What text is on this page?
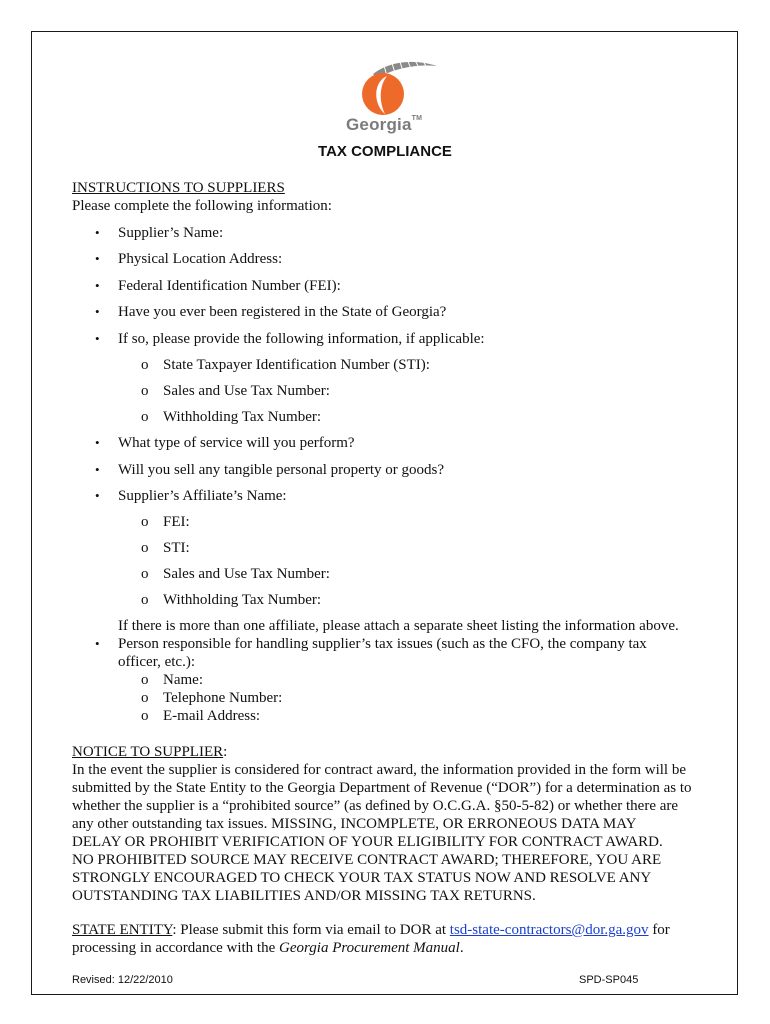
Georgia™
TAX COMPLIANCE
INSTRUCTIONS TO SUPPLIERS
Please complete the following information:
• Supplier’s Name:
• Physical Location Address:
• Federal Identification Number (FEI):
• Have you ever been registered in the State of Georgia?
• If so, please provide the following information, if applicable:
o State Taxpayer Identification Number (STI):
o Sales and Use Tax Number:
o Withholding Tax Number:
• What type of service will you perform?
• Will you sell any tangible personal property or goods?
• Supplier’s Affiliate’s Name:
o FEI:
o STI:
o Sales and Use Tax Number:
o Withholding Tax Number:
If there is more than one affiliate, please attach a separate sheet listing the information above.
• Person responsible for handling supplier’s tax issues (such as the CFO, the company tax
officer, etc.):
o Name:
o Telephone Number:
o E-mail Address:
NOTICE TO SUPPLIER:
In the event the supplier is considered for contract award, the information provided in the form will be
submitted by the State Entity to the Georgia Department of Revenue (“DOR”) for a determination as to
whether the supplier is a “prohibited source” (as defined by O.C.G.A. §50-5-82) or whether there are
any other outstanding tax issues. MISSING, INCOMPLETE, OR ERRONEOUS DATA MAY
DELAY OR PROHIBIT VERIFICATION OF YOUR ELIGIBILITY FOR CONTRACT AWARD.
NO PROHIBITED SOURCE MAY RECEIVE CONTRACT AWARD; THEREFORE, YOU ARE
STRONGLY ENCOURAGED TO CHECK YOUR TAX STATUS NOW AND RESOLVE ANY
OUTSTANDING TAX LIABILITIES AND/OR MISSING TAX RETURNS.
STATE ENTITY: Please submit this form via email to DOR at tsd-state-contractors@dor.ga.gov for
processing in accordance with the Georgia Procurement Manual.
Revised: 12/22/2010	SPD-SP045
